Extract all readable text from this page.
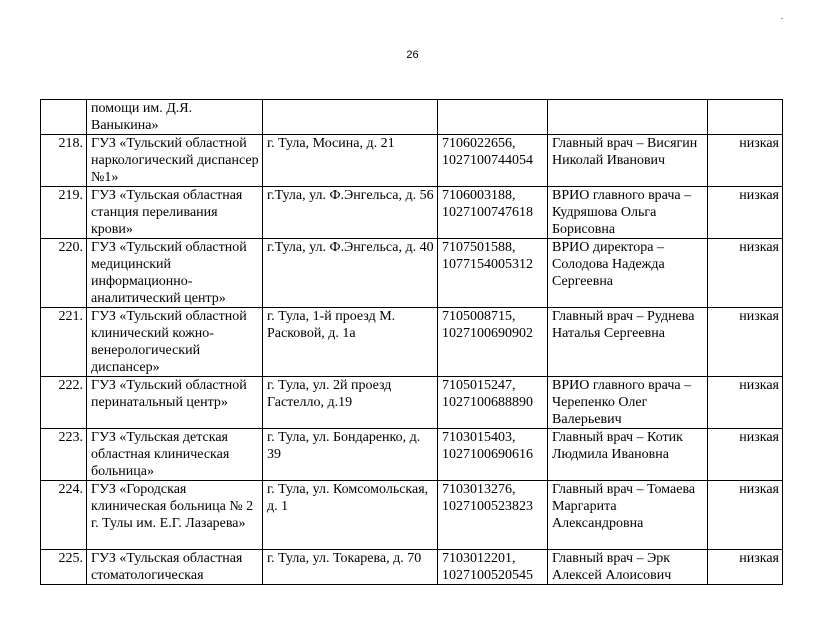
26
	помощи им. Д.Я. Ваныкина»				
218.	ГУЗ «Тульский областной наркологический диспансер №1»	г. Тула, Мосина, д. 21	7106022656, 1027100744054	Главный врач – Висягин Николай Иванович	низкая
219.	ГУЗ «Тульская областная станция переливания крови»	г.Тула, ул. Ф.Энгельса, д. 56	7106003188, 1027100747618	ВРИО главного врача – Кудряшова Ольга Борисовна	низкая
220.	ГУЗ «Тульский областной медицинский информационно-аналитический центр»	г.Тула, ул. Ф.Энгельса, д. 40	7107501588, 1077154005312	ВРИО директора – Солодова Надежда Сергеевна	низкая
221.	ГУЗ «Тульский областной клинический кожно-венерологический диспансер»	г. Тула, 1-й проезд М. Расковой, д. 1а	7105008715, 1027100690902	Главный врач – Руднева Наталья Сергеевна	низкая
222.	ГУЗ «Тульский областной перинатальный центр»	г. Тула, ул. 2й проезд Гастелло, д.19	7105015247, 1027100688890	ВРИО главного врача – Черепенко Олег Валерьевич	низкая
223.	ГУЗ «Тульская детская областная клиническая больница»	г. Тула, ул. Бондаренко, д. 39	7103015403, 1027100690616	Главный врач – Котик Людмила Ивановна	низкая
224.	ГУЗ «Городская клиническая больница № 2 г. Тулы им. Е.Г. Лазарева»	г. Тула, ул. Комсомольская, д. 1	7103013276, 1027100523823	Главный врач – Томаева Маргарита Александровна	низкая
225.	ГУЗ «Тульская областная стоматологическая	г. Тула, ул. Токарева, д. 70	7103012201, 1027100520545	Главный врач – Эрк Алексей Алоисович	низкая
